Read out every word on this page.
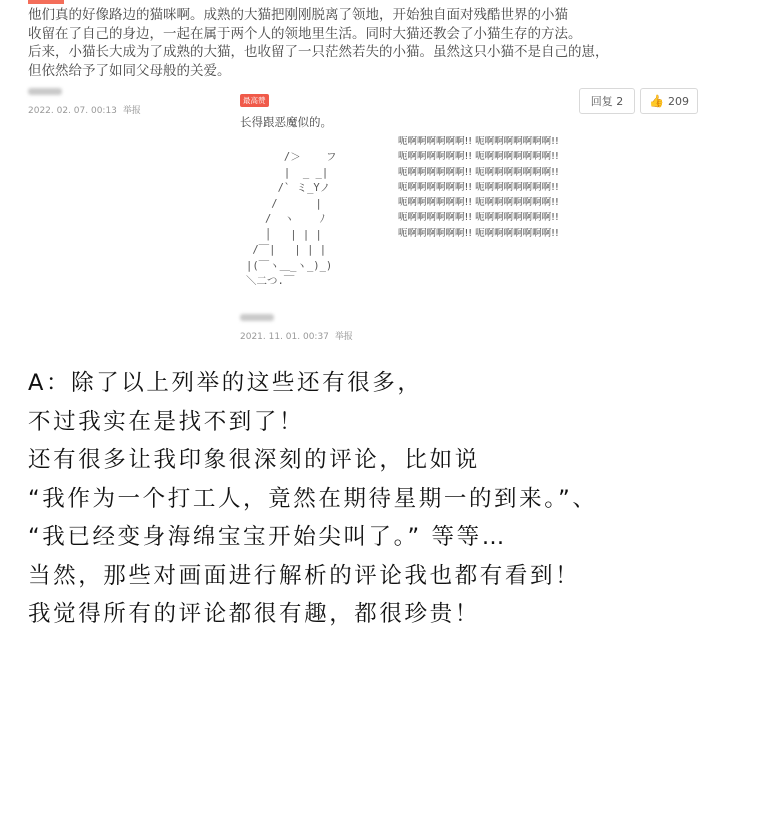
他们真的好像路边的猫咪啊。成熟的大猫把刚刚脱离了领地，开始独自面对残酷世界的小猫
收留在了自己的身边，一起在属于两个人的领地里生活。同时大猫还教会了小猫生存的方法。
后来，小猫长大成为了成熟的大猫，也收留了一只茫然若失的小猫。虽然这只小猫不是自己的崽，
但依然给予了如同父母般的关爱。
2022. 02. 07. 00:13 举报
回复
2 👍 209
最高赞
长得跟恶魔似的。
/＞    フ
|  _ _|
/` ミ_Yノ
/      |
/  ヽ    ﾉ
│   | | |
/￣|   | | |
|(￣ヽ＿_ヽ_)_)
＼二つ.￣
呃啊啊啊啊啊啊!! 呃啊啊啊啊啊啊啊!!
呃啊啊啊啊啊啊!! 呃啊啊啊啊啊啊啊!!
呃啊啊啊啊啊啊!! 呃啊啊啊啊啊啊啊!!
呃啊啊啊啊啊啊!! 呃啊啊啊啊啊啊啊!!
呃啊啊啊啊啊啊!! 呃啊啊啊啊啊啊啊!!
呃啊啊啊啊啊啊!! 呃啊啊啊啊啊啊啊!!
呃啊啊啊啊啊啊!! 呃啊啊啊啊啊啊啊!!
2021. 11. 01. 00:37 举报
A：除了以上列举的这些还有很多，
不过我实在是找不到了！
还有很多让我印象很深刻的评论，比如说
“我作为一个打工人，竟然在期待星期一的到来。”、
“我已经变身海绵宝宝开始尖叫了。” 等等…
当然，那些对画面进行解析的评论我也都有看到！
我觉得所有的评论都很有趣，都很珍贵！
